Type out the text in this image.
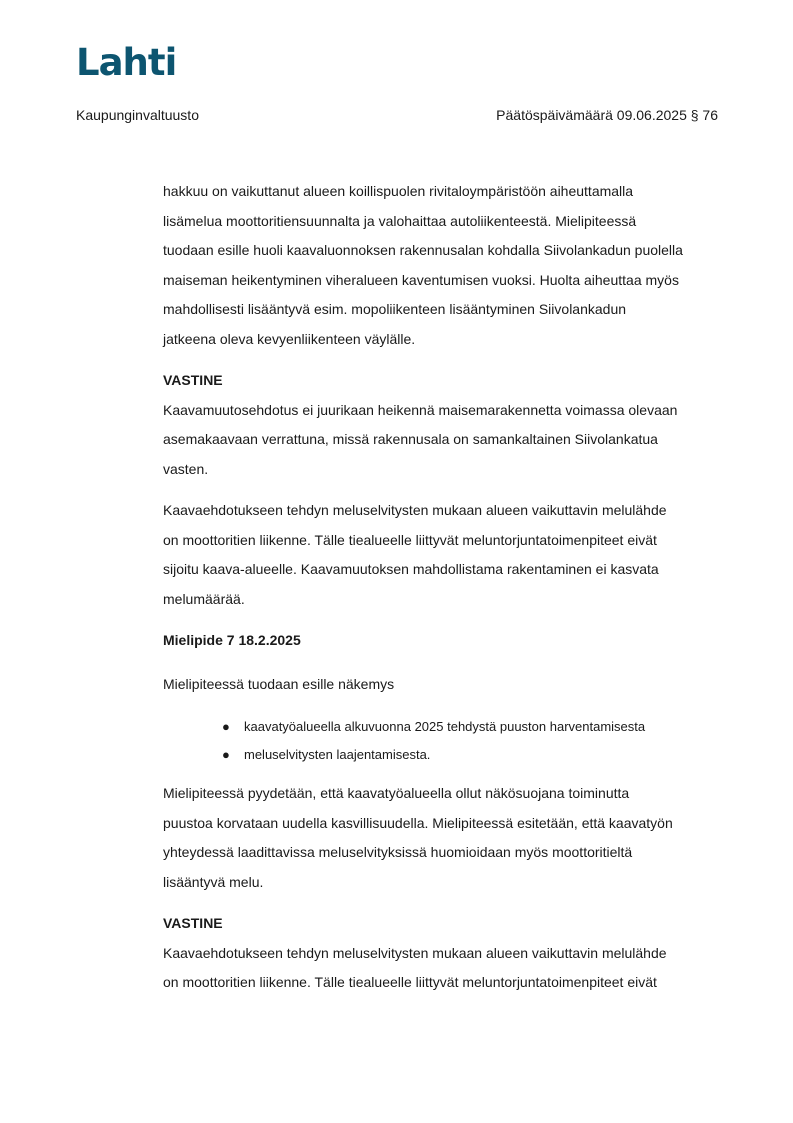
Lahti
Kaupunginvaltuusto	Päätöspäivämäärä 09.06.2025 § 76

hakkuu on vaikuttanut alueen koillispuolen rivitaloympäristöön aiheuttamalla
lisämelua moottoritiensuunnalta ja valohaittaa autoliikenteestä. Mielipiteessä
tuodaan esille huoli kaavaluonnoksen rakennusalan kohdalla Siivolankadun puolella
maiseman heikentyminen viheralueen kaventumisen vuoksi. Huolta aiheuttaa myös
mahdollisesti lisääntyvä esim. mopoliikenteen lisääntyminen Siivolankadun
jatkeena oleva kevyenliikenteen väylälle.

VASTINE

Kaavamuutosehdotus ei juurikaan heikennä maisemarakennetta voimassa olevaan
asemakaavaan verrattuna, missä rakennusala on samankaltainen Siivolankatua
vasten.

Kaavaehdotukseen tehdyn meluselvitysten mukaan alueen vaikuttavin melulähde
on moottoritien liikenne. Tälle tiealueelle liittyvät meluntorjuntatoimenpiteet eivät
sijoitu kaava-alueelle. Kaavamuutoksen mahdollistama rakentaminen ei kasvata
melumäärää.

Mielipide 7 18.2.2025

Mielipiteessä tuodaan esille näkemys

● kaavatyöalueella alkuvuonna 2025 tehdystä puuston harventamisesta
● meluselvitysten laajentamisesta.

Mielipiteessä pyydetään, että kaavatyöalueella ollut näkösuojana toiminutta
puustoa korvataan uudella kasvillisuudella. Mielipiteessä esitetään, että kaavatyön
yhteydessä laadittavissa meluselvityksissä huomioidaan myös moottoritieltä
lisääntyvä melu.

VASTINE

Kaavaehdotukseen tehdyn meluselvitysten mukaan alueen vaikuttavin melulähde
on moottoritien liikenne. Tälle tiealueelle liittyvät meluntorjuntatoimenpiteet eivät
